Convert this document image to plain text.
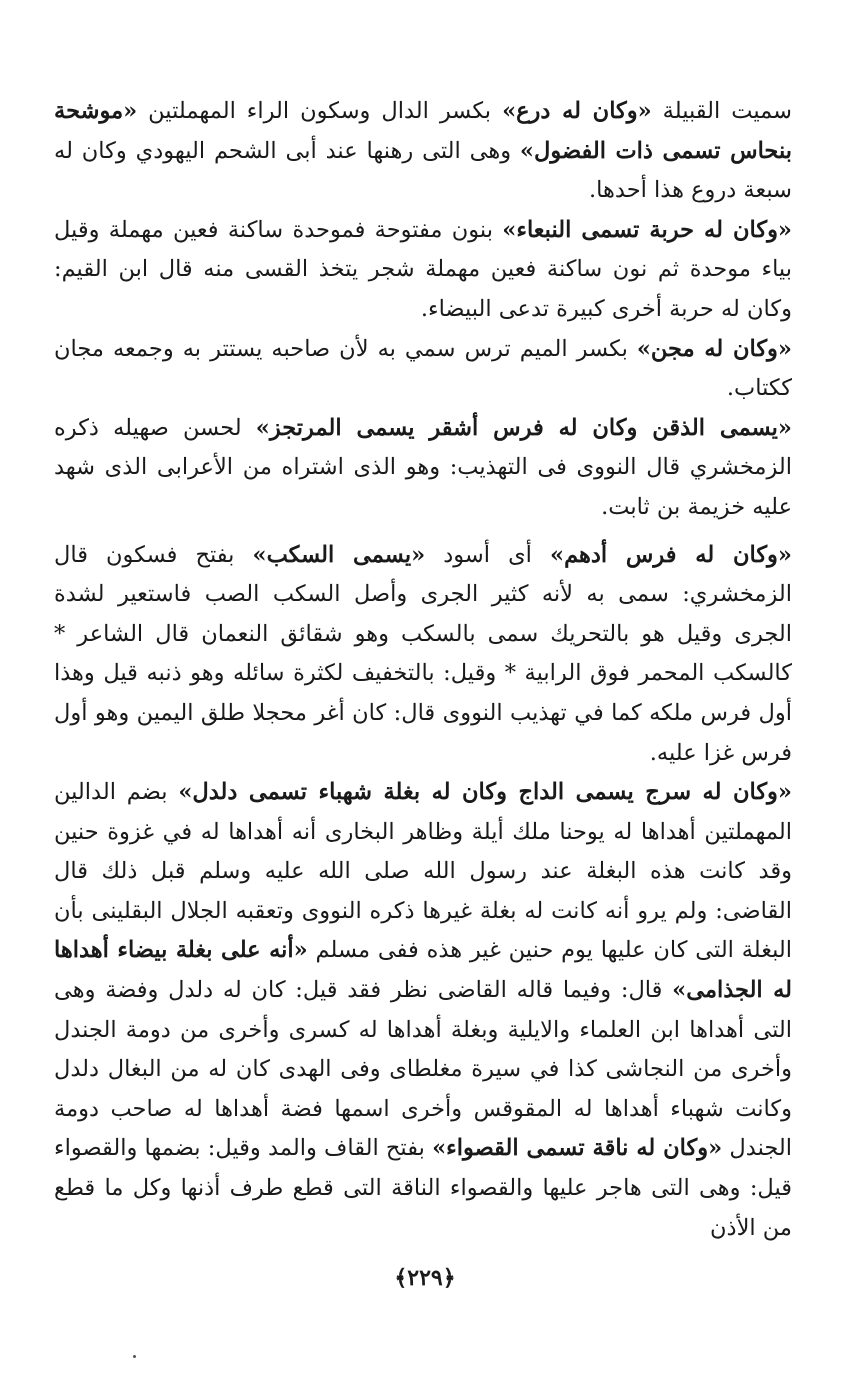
سميت القبيلة «وكان له درع» بكسر الدال وسكون الراء المهملتين «موشحة بنحاس تسمى ذات الفضول» وهى التى رهنها عند أبى الشحم اليهودي وكان له سبعة دروع هذا أحدها.

«وكان له حربة تسمى النبعاء» بنون مفتوحة فموحدة ساكنة فعين مهملة وقيل بياء موحدة ثم نون ساكنة فعين مهملة شجر يتخذ القسى منه قال ابن القيم: وكان له حربة أخرى كبيرة تدعى البيضاء.

«وكان له مجن» بكسر الميم ترس سمي به لأن صاحبه يستتر به وجمعه مجان ككتاب.

«يسمى الذقن وكان له فرس أشقر يسمى المرتجز» لحسن صهيله ذكره الزمخشري قال النووى فى التهذيب: وهو الذى اشتراه من الأعرابى الذى شهد عليه خزيمة بن ثابت.

«وكان له فرس أدهم» أى أسود «يسمى السكب» بفتح فسكون قال الزمخشري: سمى به لأنه كثير الجرى وأصل السكب الصب فاستعير لشدة الجرى وقيل هو بالتحريك سمى بالسكب وهو شقائق النعمان قال الشاعر * كالسكب المحمر فوق الرابية * وقيل: بالتخفيف لكثرة سائله وهو ذنبه قيل وهذا أول فرس ملكه كما في تهذيب النووى قال: كان أغر محجلا طلق اليمين وهو أول فرس غزا عليه.

«وكان له سرج يسمى الداج وكان له بغلة شهباء تسمى دلدل» بضم الدالين المهملتين أهداها له يوحنا ملك أيلة وظاهر البخارى أنه أهداها له في غزوة حنين وقد كانت هذه البغلة عند رسول الله صلى الله عليه وسلم قبل ذلك قال القاضى: ولم يرو أنه كانت له بغلة غيرها ذكره النووى وتعقبه الجلال البقلينى بأن البغلة التى كان عليها يوم حنين غير هذه ففى مسلم «أنه على بغلة بيضاء أهداها له الجذامى» قال: وفيما قاله القاضى نظر فقد قيل: كان له دلدل وفضة وهى التى أهداها ابن العلماء والايلية وبغلة أهداها له كسرى وأخرى من دومة الجندل وأخرى من النجاشى كذا في سيرة مغلطاى وفى الهدى كان له من البغال دلدل وكانت شهباء أهداها له المقوقس وأخرى اسمها فضة أهداها له صاحب دومة الجندل «وكان له ناقة تسمى القصواء» بفتح القاف والمد وقيل: بضمها والقصواء قيل: وهى التى هاجر عليها والقصواء الناقة التى قطع طرف أذنها وكل ما قطع من الأذن

﴿٢٢٩﴾
